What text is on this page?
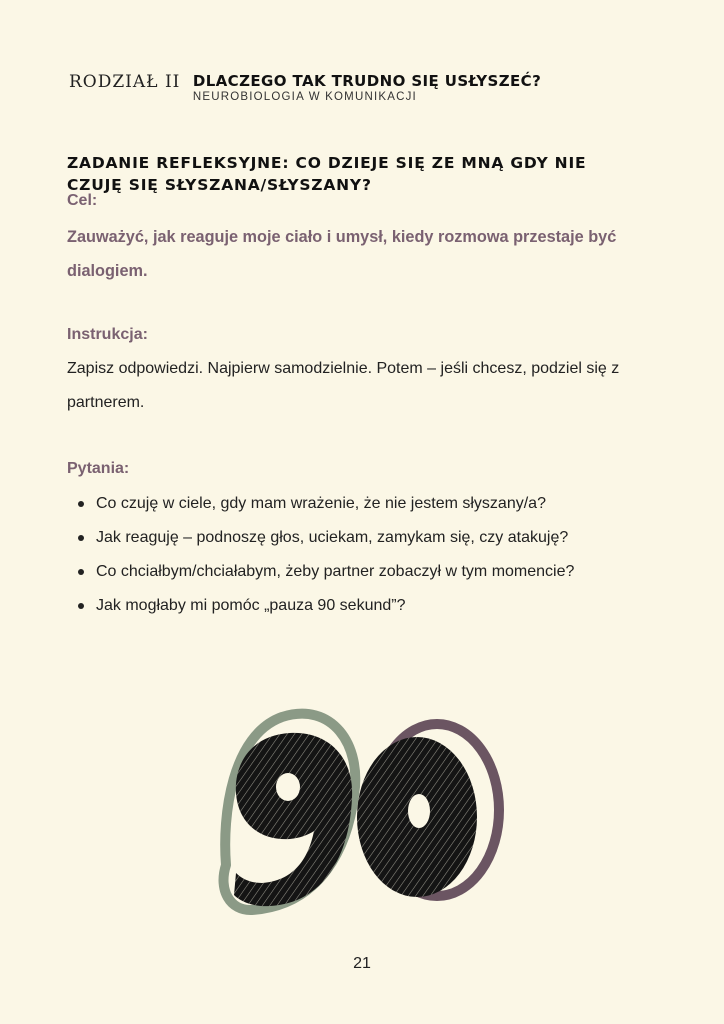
RODZIAŁ II DLACZEGO TAK TRUDNO SIĘ USŁYSZEĆ?
NEUROBIOLOGIA W KOMUNIKACJI
ZADANIE REFLEKSYJNE: CO DZIEJE SIĘ ZE MNĄ GDY NIE CZUJĘ SIĘ SŁYSZANA/SŁYSZANY?
Cel:
Zauważyć, jak reaguje moje ciało i umysł, kiedy rozmowa przestaje być dialogiem.
Instrukcja:
Zapisz odpowiedzi. Najpierw samodzielnie. Potem – jeśli chcesz, podziel się z partnerem.
Pytania:
Co czuję w ciele, gdy mam wrażenie, że nie jestem słyszany/a?
Jak reaguję – podnoszę głos, uciekam, zamykam się, czy atakuję?
Co chciałbym/chciałabym, żeby partner zobaczył w tym momencie?
Jak mogłaby mi pomóc „pauza 90 sekund”?
21
